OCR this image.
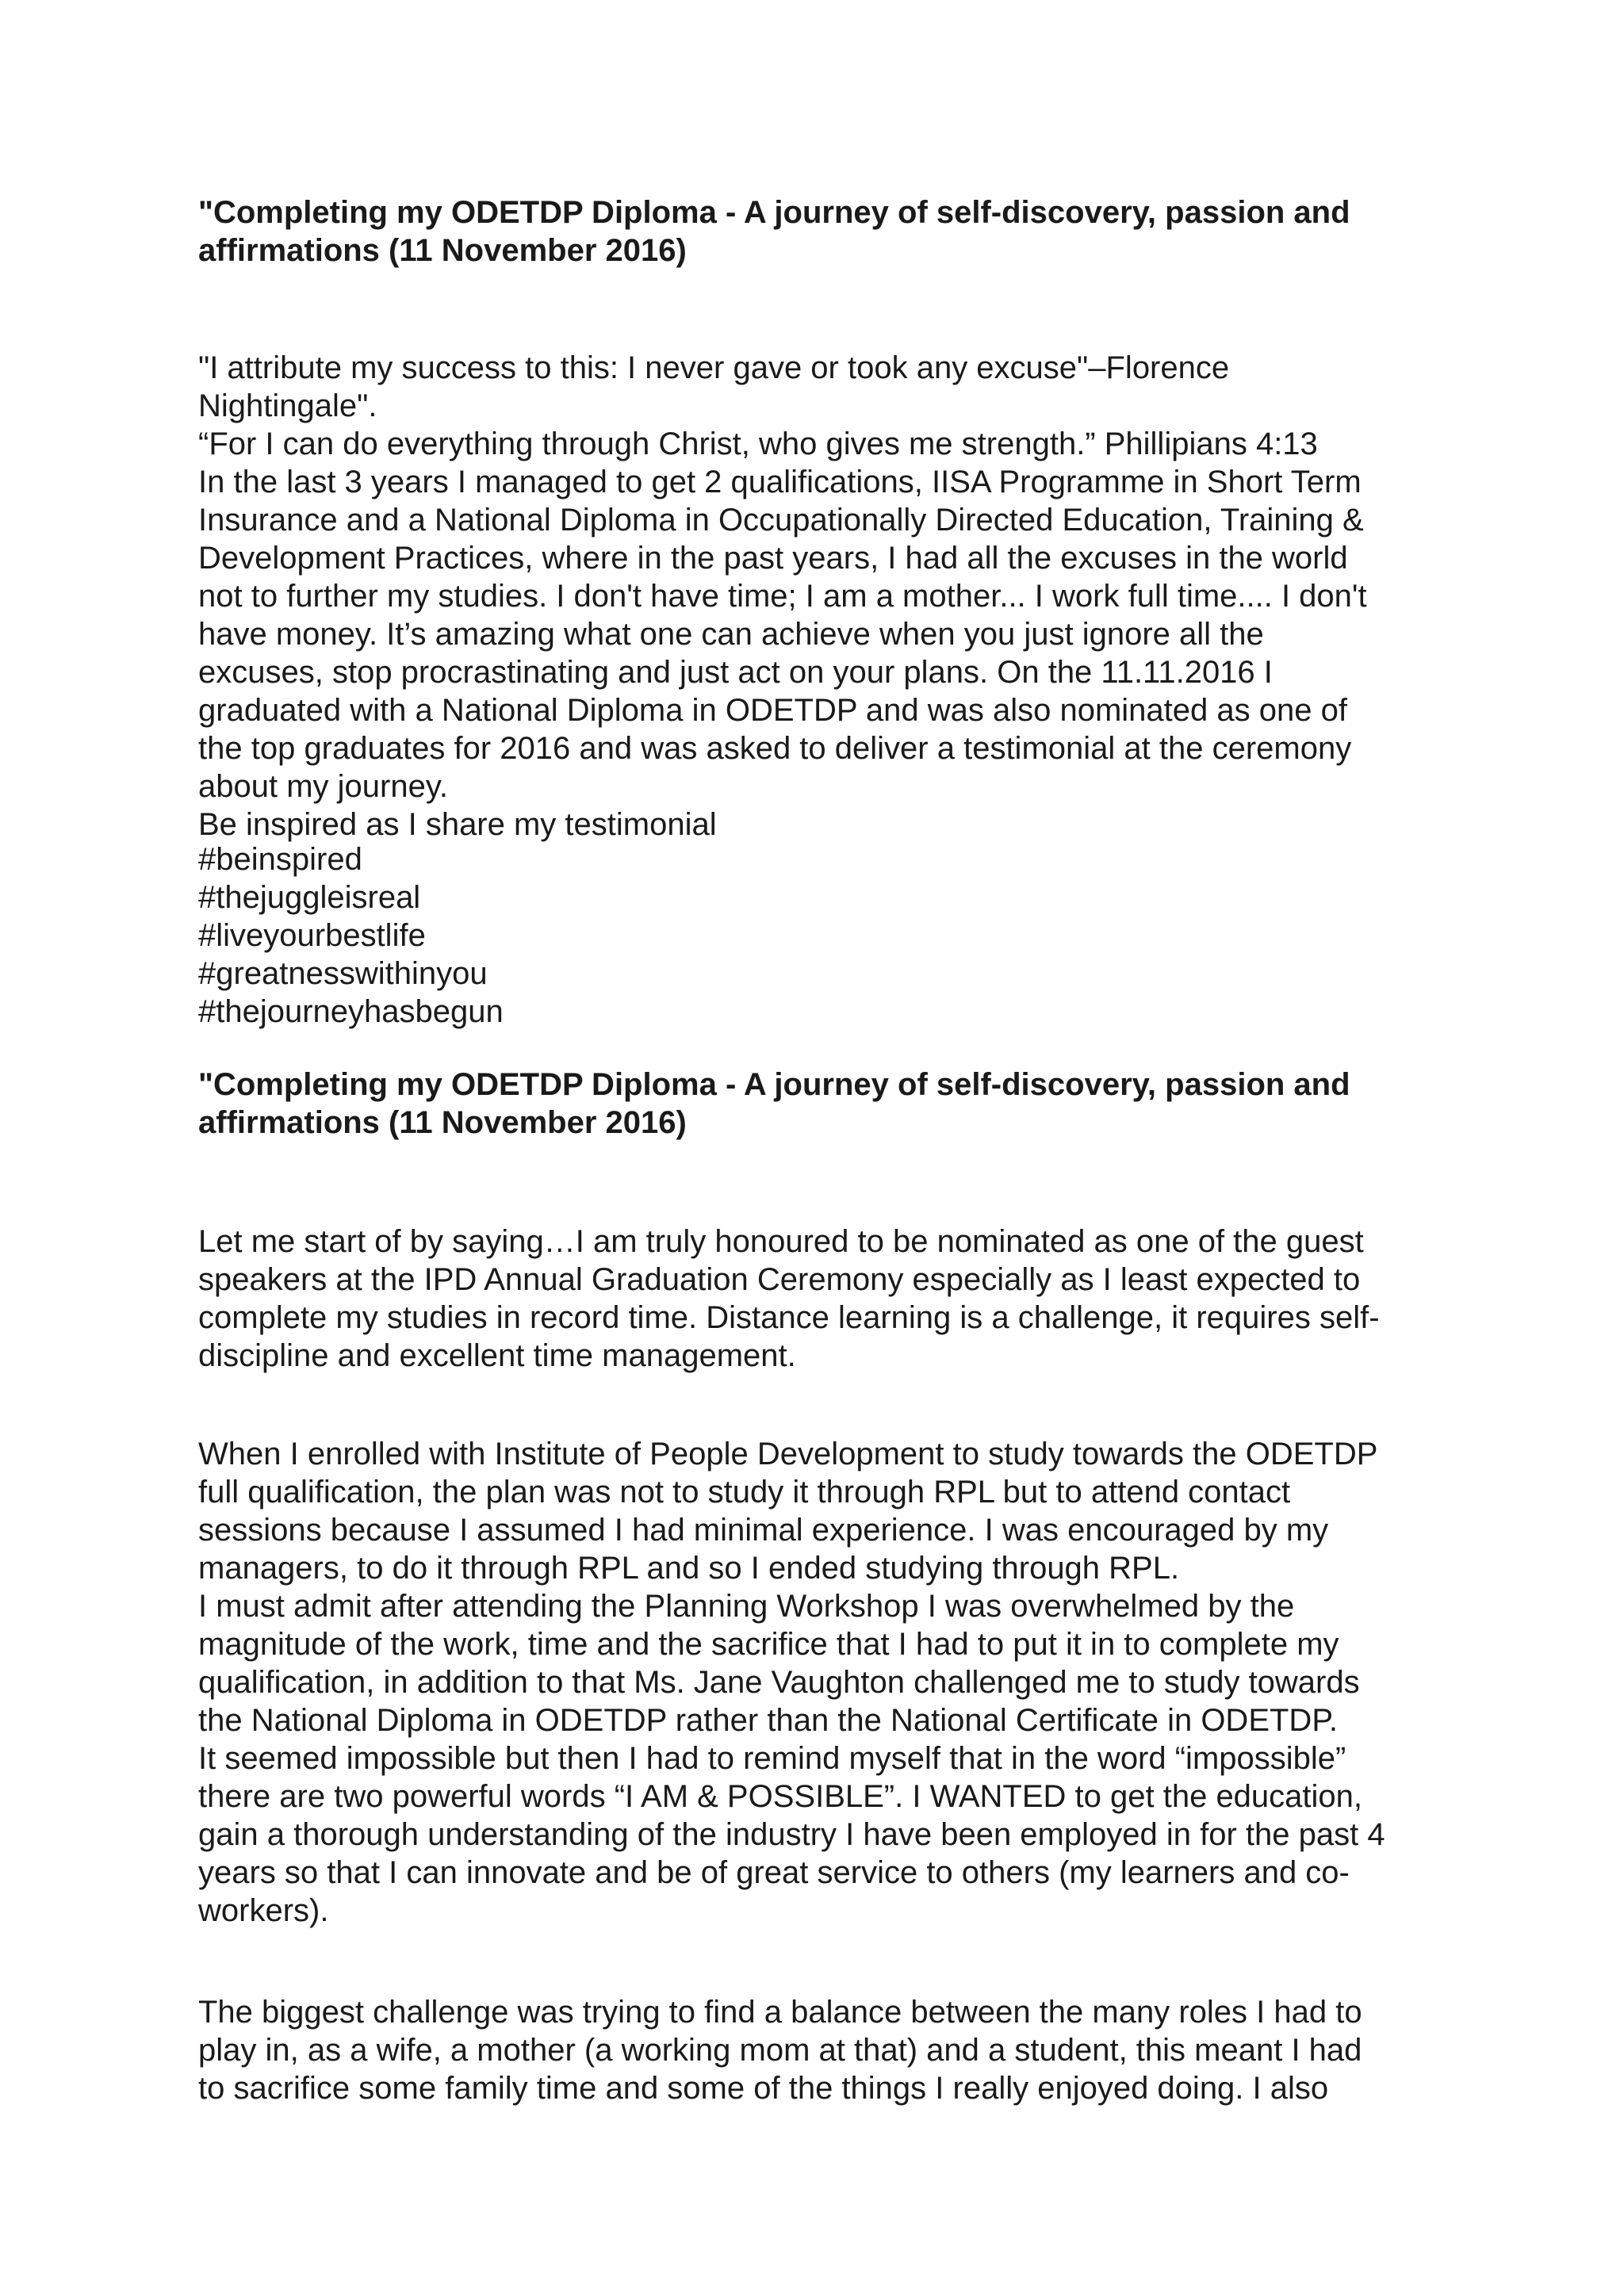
"Completing my ODETDP Diploma - A journey of self-discovery, passion and
affirmations (11 November 2016)

"I attribute my success to this: I never gave or took any excuse"–Florence
Nightingale".
“For I can do everything through Christ, who gives me strength.” Phillipians 4:13
In the last 3 years I managed to get 2 qualifications, IISA Programme in Short Term
Insurance and a National Diploma in Occupationally Directed Education, Training &
Development Practices, where in the past years, I had all the excuses in the world
not to further my studies. I don't have time; I am a mother... I work full time.... I don't
have money. It’s amazing what one can achieve when you just ignore all the
excuses, stop procrastinating and just act on your plans. On the 11.11.2016 I
graduated with a National Diploma in ODETDP and was also nominated as one of
the top graduates for 2016 and was asked to deliver a testimonial at the ceremony
about my journey.
Be inspired as I share my testimonial

#beinspired
#thejuggleisreal
#liveyourbestlife
#greatnesswithinyou
#thejourneyhasbegun

"Completing my ODETDP Diploma - A journey of self-discovery, passion and
affirmations (11 November 2016)

Let me start of by saying…I am truly honoured to be nominated as one of the guest
speakers at the IPD Annual Graduation Ceremony especially as I least expected to
complete my studies in record time. Distance learning is a challenge, it requires self-
discipline and excellent time management.

When I enrolled with Institute of People Development to study towards the ODETDP
full qualification, the plan was not to study it through RPL but to attend contact
sessions because I assumed I had minimal experience. I was encouraged by my
managers, to do it through RPL and so I ended studying through RPL.
I must admit after attending the Planning Workshop I was overwhelmed by the
magnitude of the work, time and the sacrifice that I had to put it in to complete my
qualification, in addition to that Ms. Jane Vaughton challenged me to study towards
the National Diploma in ODETDP rather than the National Certificate in ODETDP.
It seemed impossible but then I had to remind myself that in the word “impossible”
there are two powerful words “I AM & POSSIBLE”. I WANTED to get the education,
gain a thorough understanding of the industry I have been employed in for the past 4
years so that I can innovate and be of great service to others (my learners and co-
workers).

The biggest challenge was trying to find a balance between the many roles I had to
play in, as a wife, a mother (a working mom at that) and a student, this meant I had
to sacrifice some family time and some of the things I really enjoyed doing. I also
